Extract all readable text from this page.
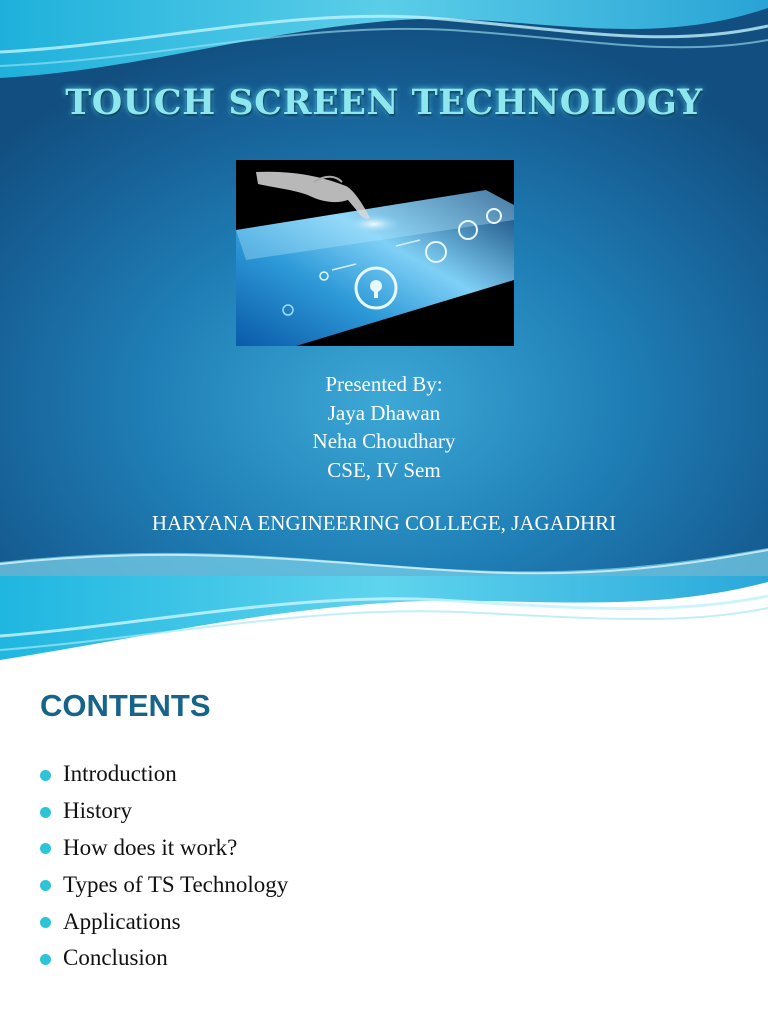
TOUCH SCREEN TECHNOLOGY
Presented By:
Jaya Dhawan
Neha Choudhary
CSE, IV Sem
HARYANA ENGINEERING COLLEGE, JAGADHRI
CONTENTS
Introduction
History
How does it work?
Types of TS Technology
Applications
Conclusion
